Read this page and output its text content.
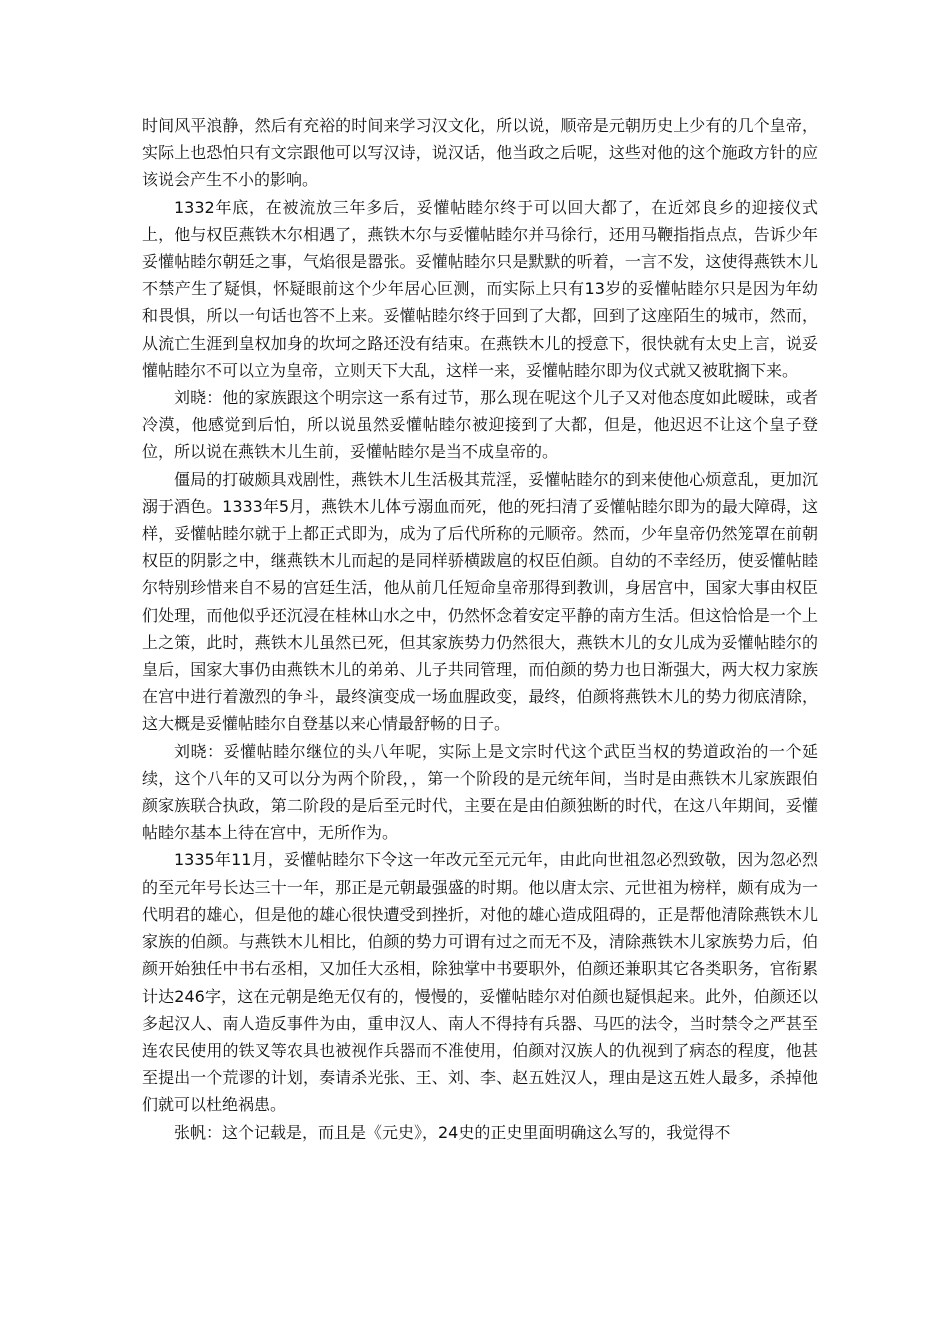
时间风平浪静，然后有充裕的时间来学习汉文化，所以说，顺帝是元朝历史上少有的几个皇帝，实际上也恐怕只有文宗跟他可以写汉诗，说汉话，他当政之后呢，这些对他的这个施政方针的应该说会产生不小的影响。

1332年底，在被流放三年多后，妥懽帖睦尔终于可以回大都了，在近郊良乡的迎接仪式上，他与权臣燕铁木尔相遇了，燕铁木尔与妥懽帖睦尔并马徐行，还用马鞭指指点点，告诉少年妥懽帖睦尔朝廷之事，气焰很是嚣张。妥懽帖睦尔只是默默的听着，一言不发，这使得燕铁木儿不禁产生了疑惧，怀疑眼前这个少年居心叵测，而实际上只有13岁的妥懽帖睦尔只是因为年幼和畏惧，所以一句话也答不上来。妥懽帖睦尔终于回到了大都，回到了这座陌生的城市，然而，从流亡生涯到皇权加身的坎坷之路还没有结束。在燕铁木儿的授意下，很快就有太史上言，说妥懽帖睦尔不可以立为皇帝，立则天下大乱，这样一来，妥懽帖睦尔即为仪式就又被耽搁下来。

刘晓：他的家族跟这个明宗这一系有过节，那么现在呢这个儿子又对他态度如此暧昧，或者冷漠，他感觉到后怕，所以说虽然妥懽帖睦尔被迎接到了大都，但是，他迟迟不让这个皇子登位，所以说在燕铁木儿生前，妥懽帖睦尔是当不成皇帝的。

僵局的打破颇具戏剧性，燕铁木儿生活极其荒淫，妥懽帖睦尔的到来使他心烦意乱，更加沉溺于酒色。1333年5月，燕铁木儿体亏溺血而死，他的死扫清了妥懽帖睦尔即为的最大障碍，这样，妥懽帖睦尔就于上都正式即为，成为了后代所称的元顺帝。然而，少年皇帝仍然笼罩在前朝权臣的阴影之中，继燕铁木儿而起的是同样骄横跋扈的权臣伯颜。自幼的不幸经历，使妥懽帖睦尔特别珍惜来自不易的宫廷生活，他从前几任短命皇帝那得到教训，身居宫中，国家大事由权臣们处理，而他似乎还沉浸在桂林山水之中，仍然怀念着安定平静的南方生活。但这恰恰是一个上上之策，此时，燕铁木儿虽然已死，但其家族势力仍然很大，燕铁木儿的女儿成为妥懽帖睦尔的皇后，国家大事仍由燕铁木儿的弟弟、儿子共同管理，而伯颜的势力也日渐强大，两大权力家族在宫中进行着激烈的争斗，最终演变成一场血腥政变，最终，伯颜将燕铁木儿的势力彻底清除，这大概是妥懽帖睦尔自登基以来心情最舒畅的日子。

刘晓：妥懽帖睦尔继位的头八年呢，实际上是文宗时代这个武臣当权的势道政治的一个延续，这个八年的又可以分为两个阶段，，第一个阶段的是元统年间，当时是由燕铁木儿家族跟伯颜家族联合执政，第二阶段的是后至元时代，主要在是由伯颜独断的时代，在这八年期间，妥懽帖睦尔基本上待在宫中，无所作为。

1335年11月，妥懽帖睦尔下令这一年改元至元元年，由此向世祖忽必烈致敬，因为忽必烈的至元年号长达三十一年，那正是元朝最强盛的时期。他以唐太宗、元世祖为榜样，颇有成为一代明君的雄心，但是他的雄心很快遭受到挫折，对他的雄心造成阻碍的，正是帮他清除燕铁木儿家族的伯颜。与燕铁木儿相比，伯颜的势力可谓有过之而无不及，清除燕铁木儿家族势力后，伯颜开始独任中书右丞相，又加任大丞相，除独掌中书要职外，伯颜还兼职其它各类职务，官衔累计达246字，这在元朝是绝无仅有的，慢慢的，妥懽帖睦尔对伯颜也疑惧起来。此外，伯颜还以多起汉人、南人造反事件为由，重申汉人、南人不得持有兵器、马匹的法令，当时禁令之严甚至连农民使用的铁叉等农具也被视作兵器而不准使用，伯颜对汉族人的仇视到了病态的程度，他甚至提出一个荒谬的计划，奏请杀光张、王、刘、李、赵五姓汉人，理由是这五姓人最多，杀掉他们就可以杜绝祸患。

张帆：这个记载是，而且是《元史》，24史的正史里面明确这么写的，我觉得不
